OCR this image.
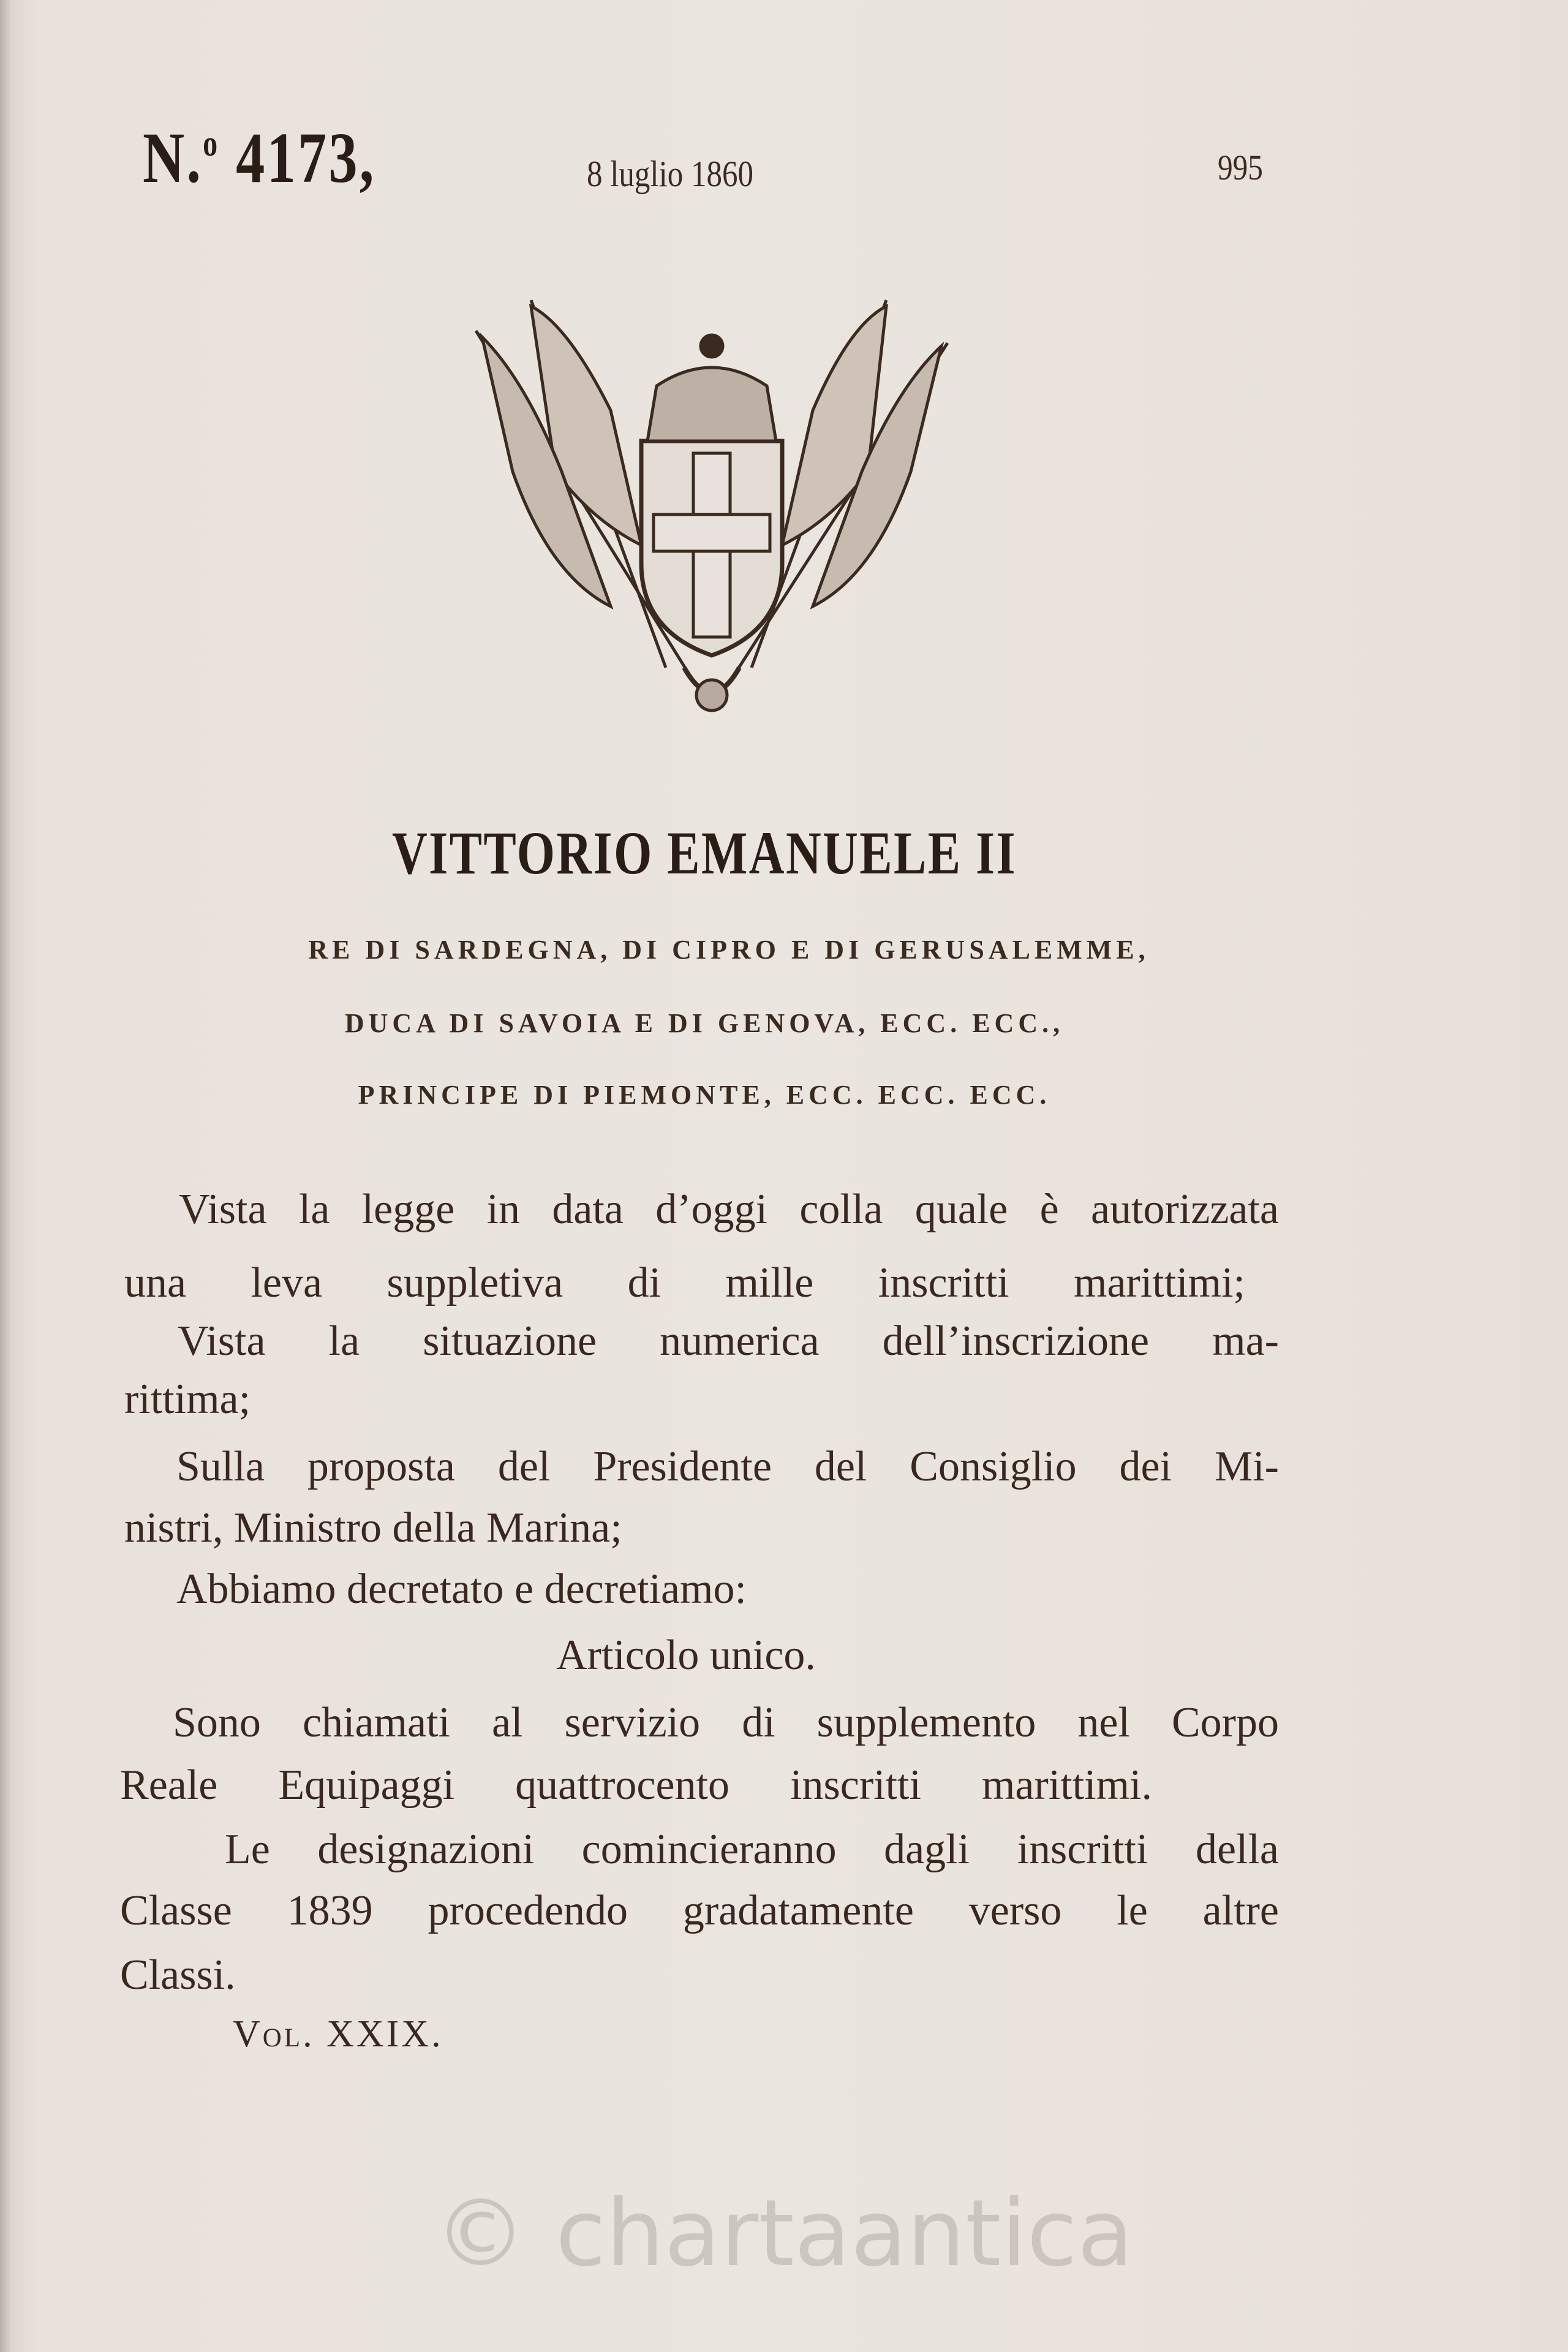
N.$^o$ 4173,	8 luglio 1860	995
VITTORIO EMANUELE II
RE DI SARDEGNA, DI CIPRO E DI GERUSALEMME,
DUCA DI SAVOIA E DI GENOVA, ECC. ECC.,
PRINCIPE DI PIEMONTE, ECC. ECC. ECC.
Vista la legge in data d’oggi colla quale è autorizzata
una leva suppletiva di mille inscritti marittimi;
Vista la situazione numerica dell’inscrizione ma-
rittima;
Sulla proposta del Presidente del Consiglio dei Mi-
nistri, Ministro della Marina;
Abbiamo decretato e decretiamo:
Articolo unico.
Sono chiamati al servizio di supplemento nel Corpo
Reale Equipaggi quattrocento inscritti marittimi.
Le designazioni comincieranno dagli inscritti della
Classe 1839 procedendo gradatamente verso le altre
Classi.
Vol. XXIX.
© chartaantica
